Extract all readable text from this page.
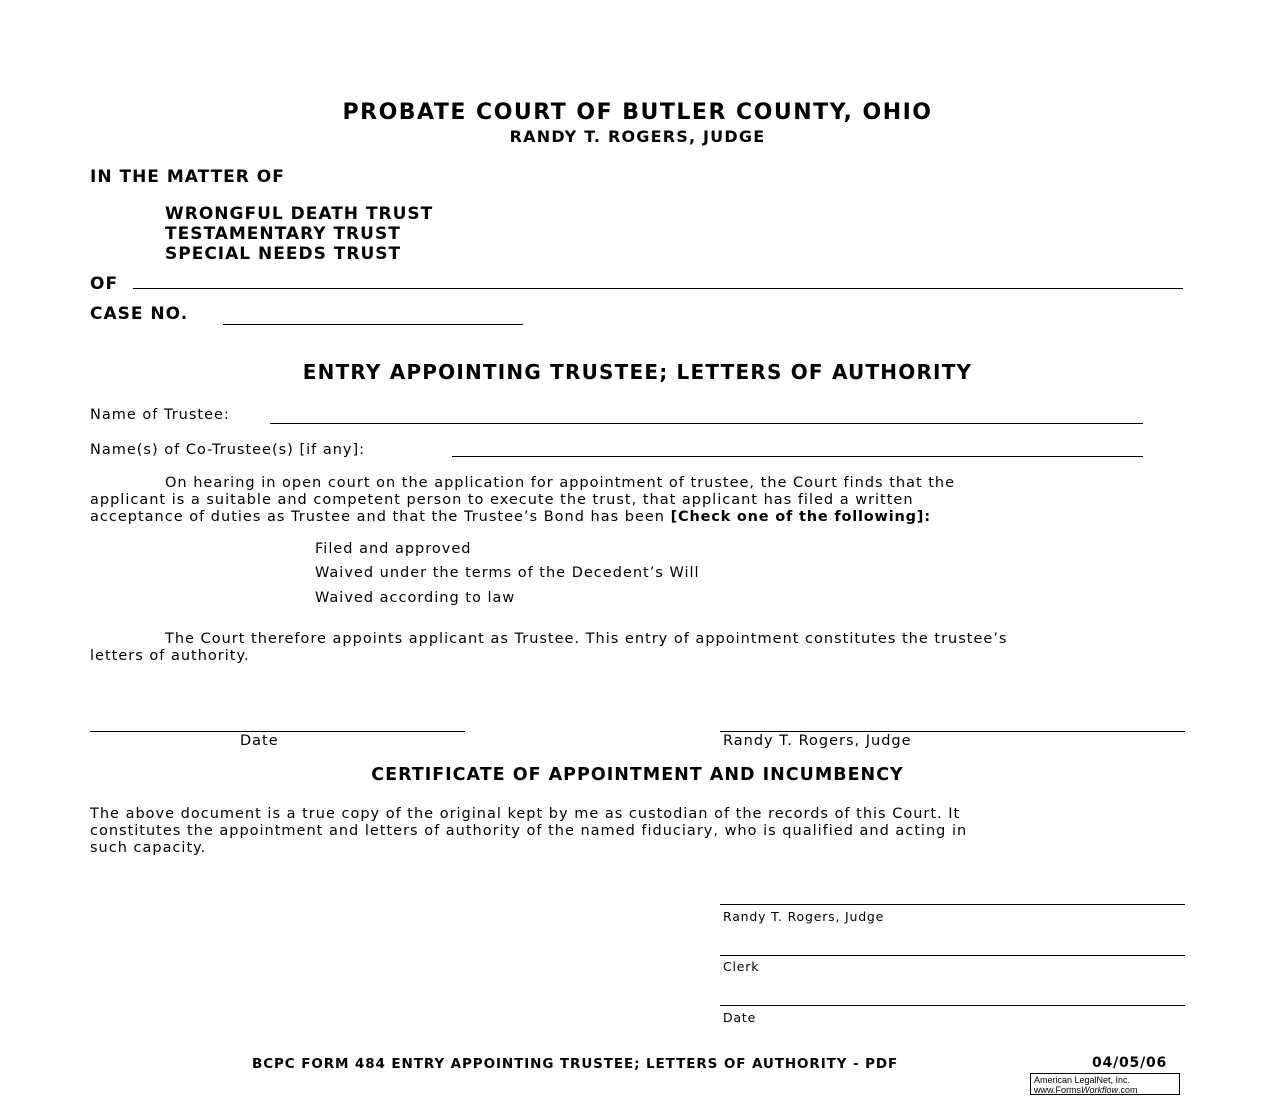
PROBATE COURT OF BUTLER COUNTY, OHIO
RANDY T. ROGERS, JUDGE
IN THE MATTER OF
WRONGFUL DEATH TRUST
TESTAMENTARY TRUST
SPECIAL NEEDS TRUST
OF
CASE NO.
ENTRY APPOINTING TRUSTEE; LETTERS OF AUTHORITY
Name of Trustee:
Name(s) of Co-Trustee(s) [if any]:
On hearing in open court on the application for appointment of trustee, the Court finds that the
applicant is a suitable and competent person to execute the trust, that applicant has filed a written
acceptance of duties as Trustee and that the Trustee’s Bond has been [Check one of the following]:
Filed and approved
Waived under the terms of the Decedent’s Will
Waived according to law
The Court therefore appoints applicant as Trustee. This entry of appointment constitutes the trustee’s
letters of authority.
Date	Randy T. Rogers, Judge
CERTIFICATE OF APPOINTMENT AND INCUMBENCY
The above document is a true copy of the original kept by me as custodian of the records of this Court. It
constitutes the appointment and letters of authority of the named fiduciary, who is qualified and acting in
such capacity.
Randy T. Rogers, Judge
Clerk
Date
BCPC FORM 484 ENTRY APPOINTING TRUSTEE; LETTERS OF AUTHORITY - PDF	04/05/06
American LegalNet, Inc.
www.FormsWorkflow.com
